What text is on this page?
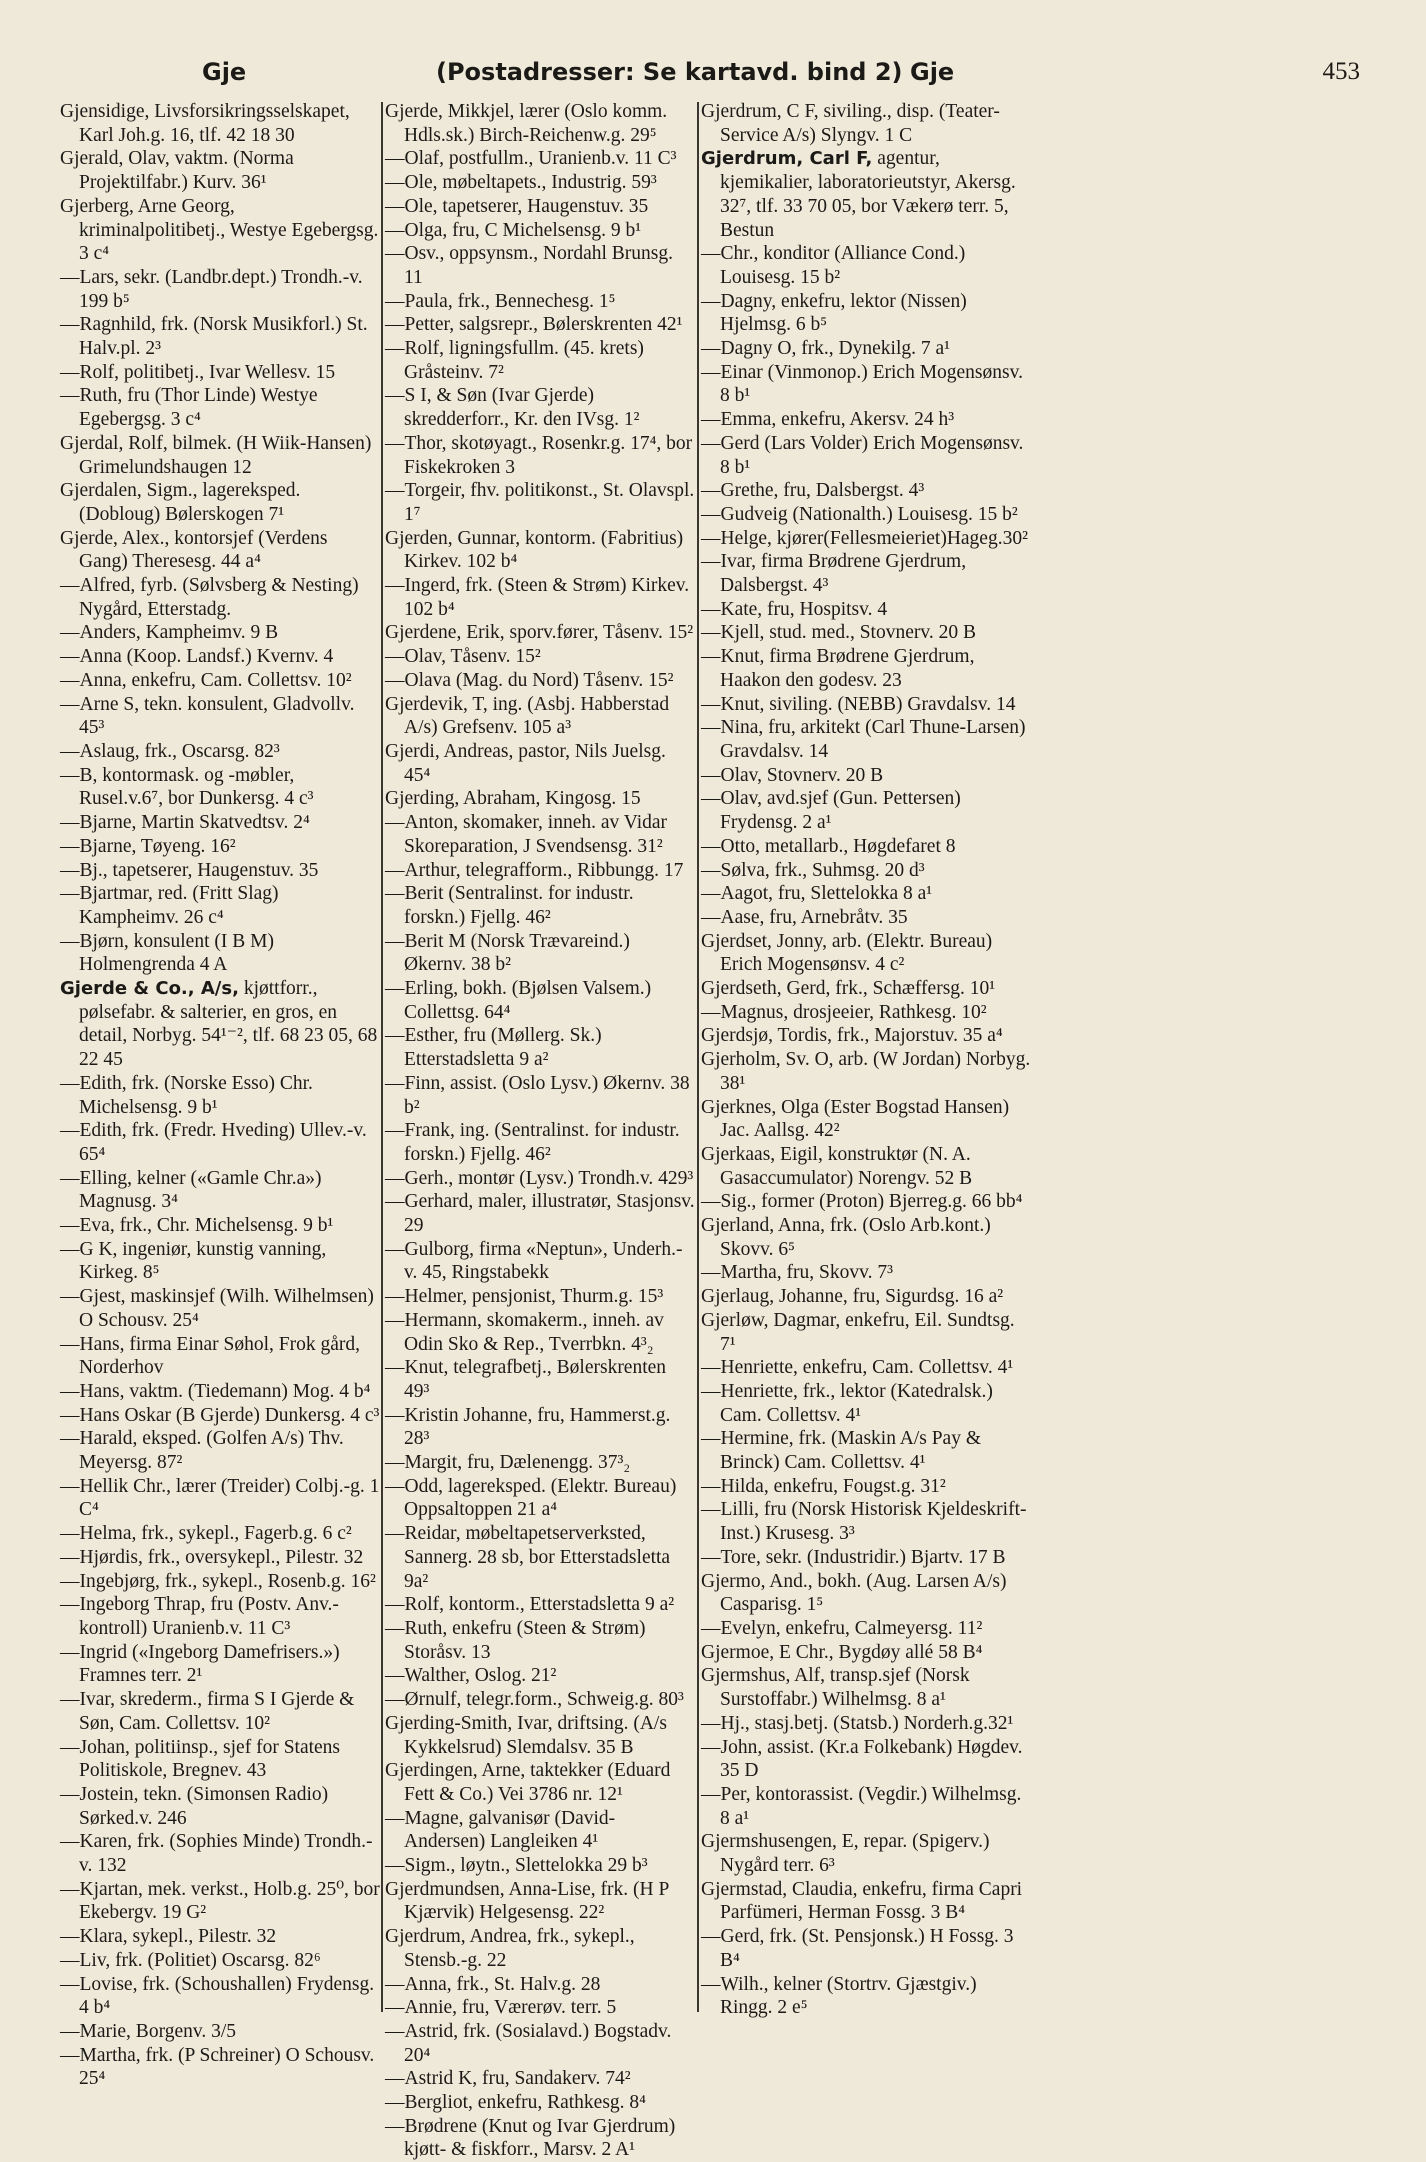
Gje	(Postadresser: Se kartavd. bind 2) Gje	453
Gjensidige, Livsforsikringsselskapet, Karl Joh.g. 16, tlf. 42 18 30
Gjerald, Olav, vaktm. (Norma Projektilfabr.) Kurv. 36¹
Gjerberg, Arne Georg, kriminalpolitibetj., Westye Egebergsg. 3 c⁴
—Lars, sekr. (Landbr.dept.) Trondh.-v. 199 b⁵
—Ragnhild, frk. (Norsk Musikforl.) St. Halv.pl. 2³
—Rolf, politibetj., Ivar Wellesv. 15
—Ruth, fru (Thor Linde) Westye Egebergsg. 3 c⁴
Gjerdal, Rolf, bilmek. (H Wiik-Hansen) Grimelundshaugen 12
Gjerdalen, Sigm., lagereksped. (Dobloug) Bølerskogen 7¹
Gjerde, Alex., kontorsjef (Verdens Gang) Theresesg. 44 a⁴
—Alfred, fyrb. (Sølvsberg & Nesting) Nygård, Etterstadg.
—Anders, Kampheimv. 9 B
—Anna (Koop. Landsf.) Kvernv. 4
—Anna, enkefru, Cam. Collettsv. 10²
—Arne S, tekn. konsulent, Gladvollv. 45³
—Aslaug, frk., Oscarsg. 82³
—B, kontormask. og -møbler, Rusel.v.6⁷, bor Dunkersg. 4 c³
—Bjarne, Martin Skatvedtsv. 2⁴
—Bjarne, Tøyeng. 16²
—Bj., tapetserer, Haugenstuv. 35
—Bjartmar, red. (Fritt Slag) Kampheimv. 26 c⁴
—Bjørn, konsulent (I B M) Holmengrenda 4 A
Gjerde & Co., A/s, kjøttforr., pølsefabr. & salterier, en gros, en detail, Norbyg. 54¹⁻², tlf. 68 23 05, 68 22 45
—Edith, frk. (Norske Esso) Chr. Michelsensg. 9 b¹
—Edith, frk. (Fredr. Hveding) Ullev.-v. 65⁴
—Elling, kelner («Gamle Chr.a») Magnusg. 3⁴
—Eva, frk., Chr. Michelsensg. 9 b¹
—G K, ingeniør, kunstig vanning, Kirkeg. 8⁵
—Gjest, maskinsjef (Wilh. Wilhelmsen) O Schousv. 25⁴
—Hans, firma Einar Søhol, Frok gård, Norderhov
—Hans, vaktm. (Tiedemann) Mog. 4 b⁴
—Hans Oskar (B Gjerde) Dunkersg. 4 c³
—Harald, eksped. (Golfen A/s) Thv. Meyersg. 87²
—Hellik Chr., lærer (Treider) Colbj.-g. 1 C⁴
—Helma, frk., sykepl., Fagerb.g. 6 c²
—Hjørdis, frk., oversykepl., Pilestr. 32
—Ingebjørg, frk., sykepl., Rosenb.g. 16²
—Ingeborg Thrap, fru (Postv. Anv.-kontroll) Uranienb.v. 11 C³
—Ingrid («Ingeborg Damefrisers.») Framnes terr. 2¹
—Ivar, skrederm., firma S I Gjerde & Søn, Cam. Collettsv. 10²
—Johan, politiinsp., sjef for Statens Politiskole, Bregnev. 43
—Jostein, tekn. (Simonsen Radio) Sørked.v. 246
—Karen, frk. (Sophies Minde) Trondh.-v. 132
—Kjartan, mek. verkst., Holb.g. 25⁰, bor Ekebergv. 19 G²
—Klara, sykepl., Pilestr. 32
—Liv, frk. (Politiet) Oscarsg. 82⁶
—Lovise, frk. (Schoushallen) Frydensg. 4 b⁴
—Marie, Borgenv. 3/5
—Martha, frk. (P Schreiner) O Schousv. 25⁴
Gjerde, Mikkjel, lærer (Oslo komm. Hdls.sk.) Birch-Reichenw.g. 29⁵
—Olaf, postfullm., Uranienb.v. 11 C³
—Ole, møbeltapets., Industrig. 59³
—Ole, tapetserer, Haugenstuv. 35
—Olga, fru, C Michelsensg. 9 b¹
—Osv., oppsynsm., Nordahl Brunsg. 11
—Paula, frk., Bennechesg. 1⁵
—Petter, salgsrepr., Bølerskrenten 42¹
—Rolf, ligningsfullm. (45. krets) Gråsteinv. 7²
—S I, & Søn (Ivar Gjerde) skredderforr., Kr. den IVsg. 1²
—Thor, skotøyagt., Rosenkr.g. 17⁴, bor Fiskekroken 3
—Torgeir, fhv. politikonst., St. Olavspl. 1⁷
Gjerden, Gunnar, kontorm. (Fabritius) Kirkev. 102 b⁴
—Ingerd, frk. (Steen & Strøm) Kirkev. 102 b⁴
Gjerdene, Erik, sporv.fører, Tåsenv. 15²
—Olav, Tåsenv. 15²
—Olava (Mag. du Nord) Tåsenv. 15²
Gjerdevik, T, ing. (Asbj. Habberstad A/s) Grefsenv. 105 a³
Gjerdi, Andreas, pastor, Nils Juelsg. 45⁴
Gjerding, Abraham, Kingosg. 15
—Anton, skomaker, inneh. av Vidar Skoreparation, J Svendsensg. 31²
—Arthur, telegrafform., Ribbungg. 17
—Berit (Sentralinst. for industr. forskn.) Fjellg. 46²
—Berit M (Norsk Trævareind.) Økernv. 38 b²
—Erling, bokh. (Bjølsen Valsem.) Collettsg. 64⁴
—Esther, fru (Møllerg. Sk.) Etterstadsletta 9 a²
—Finn, assist. (Oslo Lysv.) Økernv. 38 b²
—Frank, ing. (Sentralinst. for industr. forskn.) Fjellg. 46²
—Gerh., montør (Lysv.) Trondh.v. 429³
—Gerhard, maler, illustratør, Stasjonsv. 29
—Gulborg, firma «Neptun», Underh.-v. 45, Ringstabekk
—Helmer, pensjonist, Thurm.g. 15³
—Hermann, skomakerm., inneh. av Odin Sko & Rep., Tverrbkn. 4³₂
—Knut, telegrafbetj., Bølerskrenten 49³
—Kristin Johanne, fru, Hammerst.g. 28³
—Margit, fru, Dælenengg. 37³₂
—Odd, lagereksped. (Elektr. Bureau) Oppsaltoppen 21 a⁴
—Reidar, møbeltapetserverksted, Sannerg. 28 sb, bor Etterstadsletta 9a²
—Rolf, kontorm., Etterstadsletta 9 a²
—Ruth, enkefru (Steen & Strøm) Storåsv. 13
—Walther, Oslog. 21²
—Ørnulf, telegr.form., Schweig.g. 80³
Gjerding-Smith, Ivar, driftsing. (A/s Kykkelsrud) Slemdalsv. 35 B
Gjerdingen, Arne, taktekker (Eduard Fett & Co.) Vei 3786 nr. 12¹
—Magne, galvanisør (David-Andersen) Langleiken 4¹
—Sigm., løytn., Slettelokka 29 b³
Gjerdmundsen, Anna-Lise, frk. (H P Kjærvik) Helgesensg. 22²
Gjerdrum, Andrea, frk., sykepl., Stensb.-g. 22
—Anna, frk., St. Halv.g. 28
—Annie, fru, Værerøv. terr. 5
—Astrid, frk. (Sosialavd.) Bogstadv. 20⁴
—Astrid K, fru, Sandakerv. 74²
—Bergliot, enkefru, Rathkesg. 8⁴
—Brødrene (Knut og Ivar Gjerdrum) kjøtt- & fiskforr., Marsv. 2 A¹
Gjerdrum, C F, siviling., disp. (Teater-Service A/s) Slyngv. 1 C
Gjerdrum, Carl F, agentur, kjemikalier, laboratorieutstyr, Akersg. 32⁷, tlf. 33 70 05, bor Vækerø terr. 5, Bestun
—Chr., konditor (Alliance Cond.) Louisesg. 15 b²
—Dagny, enkefru, lektor (Nissen) Hjelmsg. 6 b⁵
—Dagny O, frk., Dynekilg. 7 a¹
—Einar (Vinmonop.) Erich Mogensønsv. 8 b¹
—Emma, enkefru, Akersv. 24 h³
—Gerd (Lars Volder) Erich Mogensønsv. 8 b¹
—Grethe, fru, Dalsbergst. 4³
—Gudveig (Nationalth.) Louisesg. 15 b²
—Helge, kjører(Fellesmeieriet)Hageg.30²
—Ivar, firma Brødrene Gjerdrum, Dalsbergst. 4³
—Kate, fru, Hospitsv. 4
—Kjell, stud. med., Stovnerv. 20 B
—Knut, firma Brødrene Gjerdrum, Haakon den godesv. 23
—Knut, siviling. (NEBB) Gravdalsv. 14
—Nina, fru, arkitekt (Carl Thune-Larsen) Gravdalsv. 14
—Olav, Stovnerv. 20 B
—Olav, avd.sjef (Gun. Pettersen) Frydensg. 2 a¹
—Otto, metallarb., Høgdefaret 8
—Sølva, frk., Suhmsg. 20 d³
—Aagot, fru, Slettelokka 8 a¹
—Aase, fru, Arnebråtv. 35
Gjerdset, Jonny, arb. (Elektr. Bureau) Erich Mogensønsv. 4 c²
Gjerdseth, Gerd, frk., Schæffersg. 10¹
—Magnus, drosjeeier, Rathkesg. 10²
Gjerdsjø, Tordis, frk., Majorstuv. 35 a⁴
Gjerholm, Sv. O, arb. (W Jordan) Norbyg. 38¹
Gjerknes, Olga (Ester Bogstad Hansen) Jac. Aallsg. 42²
Gjerkaas, Eigil, konstruktør (N. A. Gasaccumulator) Norengv. 52 B
—Sig., former (Proton) Bjerreg.g. 66 bb⁴
Gjerland, Anna, frk. (Oslo Arb.kont.) Skovv. 6⁵
—Martha, fru, Skovv. 7³
Gjerlaug, Johanne, fru, Sigurdsg. 16 a²
Gjerløw, Dagmar, enkefru, Eil. Sundtsg. 7¹
—Henriette, enkefru, Cam. Collettsv. 4¹
—Henriette, frk., lektor (Katedralsk.) Cam. Collettsv. 4¹
—Hermine, frk. (Maskin A/s Pay & Brinck) Cam. Collettsv. 4¹
—Hilda, enkefru, Fougst.g. 31²
—Lilli, fru (Norsk Historisk Kjeldeskrift-Inst.) Krusesg. 3³
—Tore, sekr. (Industridir.) Bjartv. 17 B
Gjermo, And., bokh. (Aug. Larsen A/s) Casparisg. 1⁵
—Evelyn, enkefru, Calmeyersg. 11²
Gjermoe, E Chr., Bygdøy allé 58 B⁴
Gjermshus, Alf, transp.sjef (Norsk Surstoffabr.) Wilhelmsg. 8 a¹
—Hj., stasj.betj. (Statsb.) Norderh.g.32¹
—John, assist. (Kr.a Folkebank) Høgdev. 35 D
—Per, kontorassist. (Vegdir.) Wilhelmsg. 8 a¹
Gjermshusengen, E, repar. (Spigerv.) Nygård terr. 6³
Gjermstad, Claudia, enkefru, firma Capri Parfümeri, Herman Fossg. 3 B⁴
—Gerd, frk. (St. Pensjonsk.) H Fossg. 3 B⁴
—Wilh., kelner (Stortrv. Gjæstgiv.) Ringg. 2 e⁵
